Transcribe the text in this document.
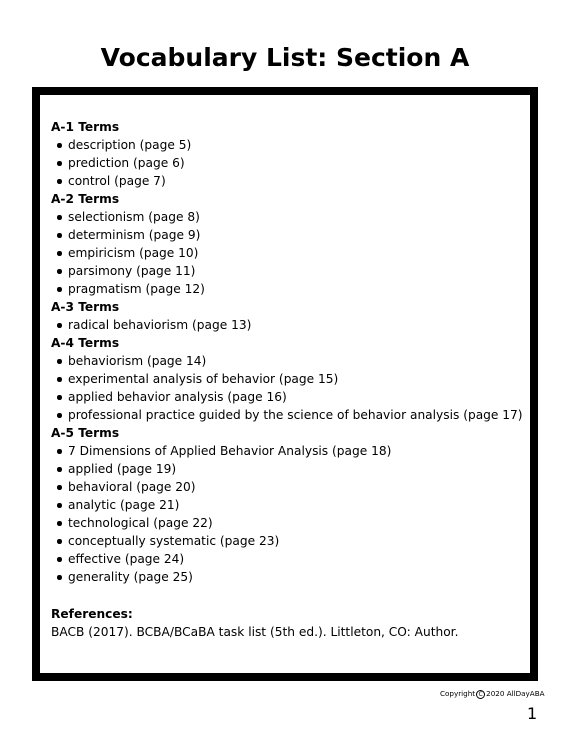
Vocabulary List: Section A
A-1 Terms
description (page 5)
prediction (page 6)
control (page 7)
A-2 Terms
selectionism (page 8)
determinism (page 9)
empiricism (page 10)
parsimony (page 11)
pragmatism (page 12)
A-3 Terms
radical behaviorism (page 13)
A-4 Terms
behaviorism (page 14)
experimental analysis of behavior (page 15)
applied behavior analysis (page 16)
professional practice guided by the science of behavior analysis (page 17)
A-5 Terms
7 Dimensions of Applied Behavior Analysis (page 18)
applied (page 19)
behavioral (page 20)
analytic (page 21)
technological (page 22)
conceptually systematic (page 23)
effective (page 24)
generality (page 25)
References:
BACB (2017). BCBA/BCaBA task list (5th ed.). Littleton, CO: Author.
Copyright C 2020 AllDayABA
1
